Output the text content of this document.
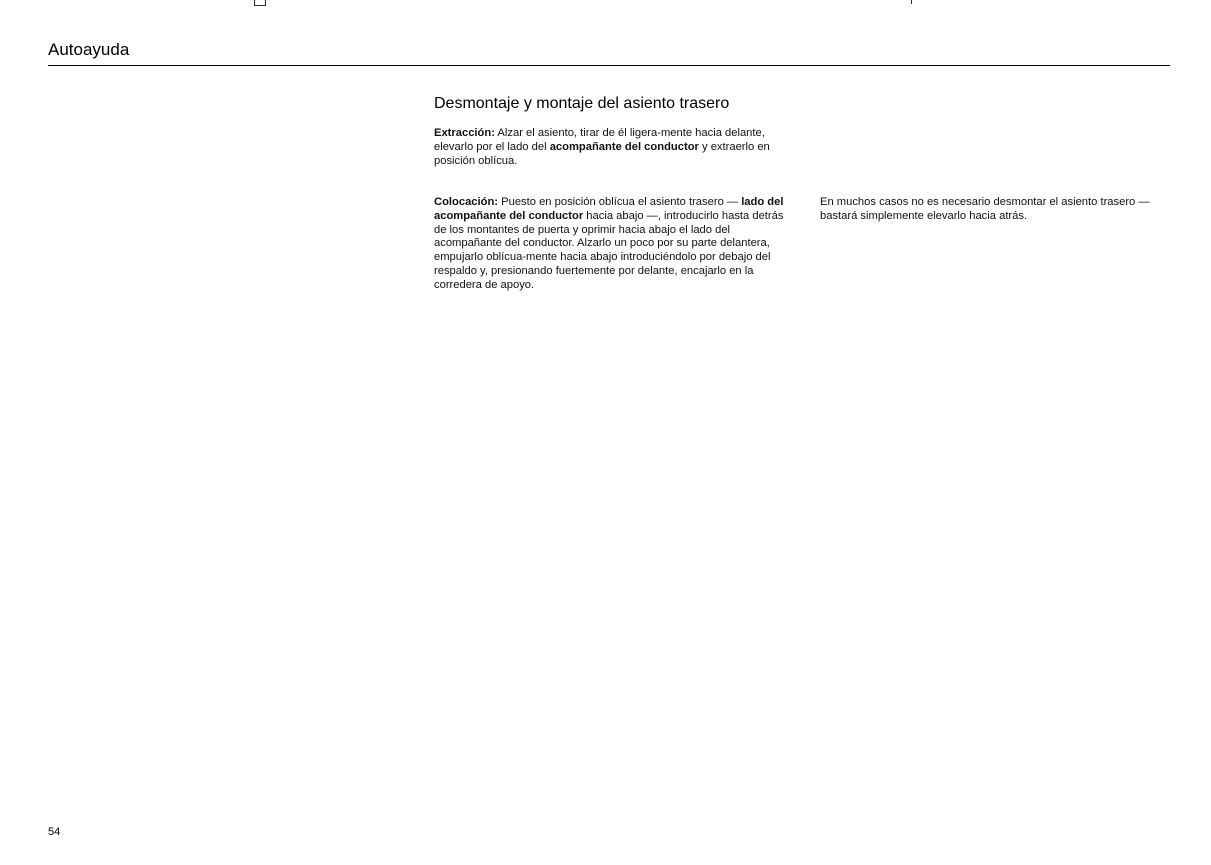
Autoayuda
Desmontaje y montaje del asiento trasero

Extracción: Alzar el asiento, tirar de él ligera-mente hacia delante, elevarlo por el lado del acompañante del conductor y extraerlo en posición oblícua.

Colocación: Puesto en posición oblícua el asiento trasero — lado del acompañante del conductor hacia abajo —, introducirlo hasta detrás de los montantes de puerta y oprimir hacia abajo el lado del acompañante del conductor. Alzarlo un poco por su parte delantera, empujarlo oblícua-mente hacia abajo introduciéndolo por debajo del respaldo y, presionando fuertemente por delante, encajarlo en la corredera de apoyo.

En muchos casos no es necesario desmontar el asiento trasero — bastará simplemente elevarlo hacia atrás.

54
